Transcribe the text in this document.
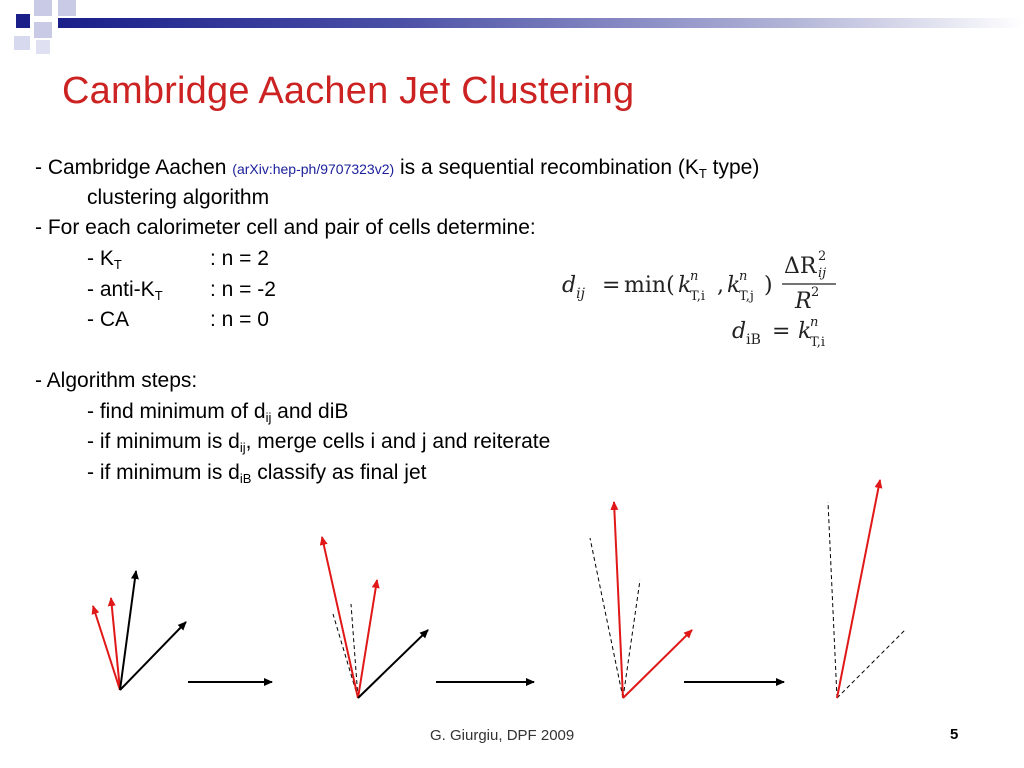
Cambridge Aachen Jet Clustering
- Cambridge Aachen (arXiv:hep-ph/9707323v2) is a sequential recombination ($K_T$ type)
clustering algorithm
- For each calorimeter cell and pair of cells determine:
- $K_T$	: n = 2
- anti-$K_T$ : n = -2
- CA	: n = 0
- Algorithm steps:
- find minimum of $d_{ij}$ and diB
- if minimum is $d_{ij}$, merge cells i and j and reiterate
- if minimum is $d_{iB}$ classify as final jet
$d_{ij} = \min$( k
n
T,i , k
n
T,j )
ΔR 2
ij
R 2
$d_{iB} = k$
n
T,i
G. Giurgiu, DPF 2009	5
